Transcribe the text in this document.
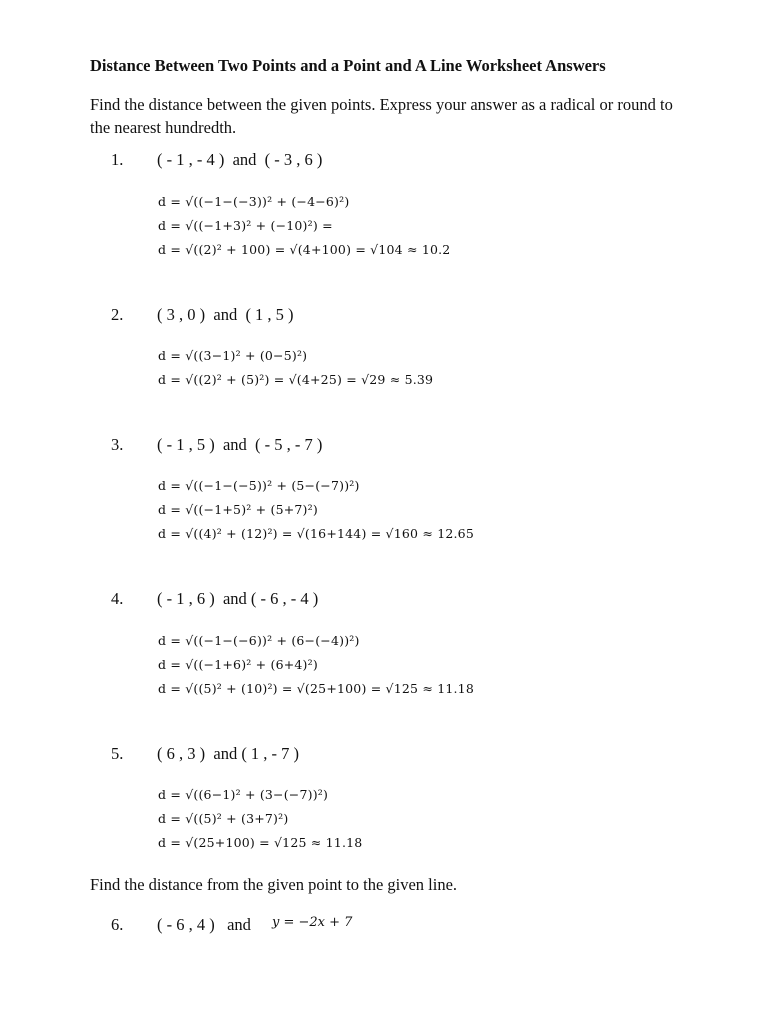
Distance Between Two Points and a Point and A Line Worksheet Answers
Find the distance between the given points. Express your answer as a radical or round to the nearest hundredth.
1. ( - 1 , - 4 )  and  ( - 3 , 6 )
d = √((−1−(−3))² + (−4−6)²)
d = √((−1+3)² + (−10)²) =
d = √((2)² + 100) = √(4+100) = √104 ≈ 10.2
2. ( 3 , 0 )  and  ( 1 , 5 )
d = √((3−1)² + (0−5)²)
d = √((2)² + (5)²) = √(4+25) = √29 ≈ 5.39
3. ( - 1 , 5 )  and  ( - 5 , - 7 )
d = √((−1−(−5))² + (5−(−7))²)
d = √((−1+5)² + (5+7)²)
d = √((4)² + (12)²) = √(16+144) = √160 ≈ 12.65
4. ( - 1 , 6 )  and ( - 6 , - 4 )
d = √((−1−(−6))² + (6−(−4))²)
d = √((−1+6)² + (6+4)²)
d = √((5)² + (10)²) = √(25+100) = √125 ≈ 11.18
5. ( 6 , 3 )  and ( 1 , - 7 )
d = √((6−1)² + (3−(−7))²)
d = √((5)² + (3+7)²)
d = √(25+100) = √125 ≈ 11.18
Find the distance from the given point to the given line.
6. ( - 6 , 4 )   and y = −2x + 7
